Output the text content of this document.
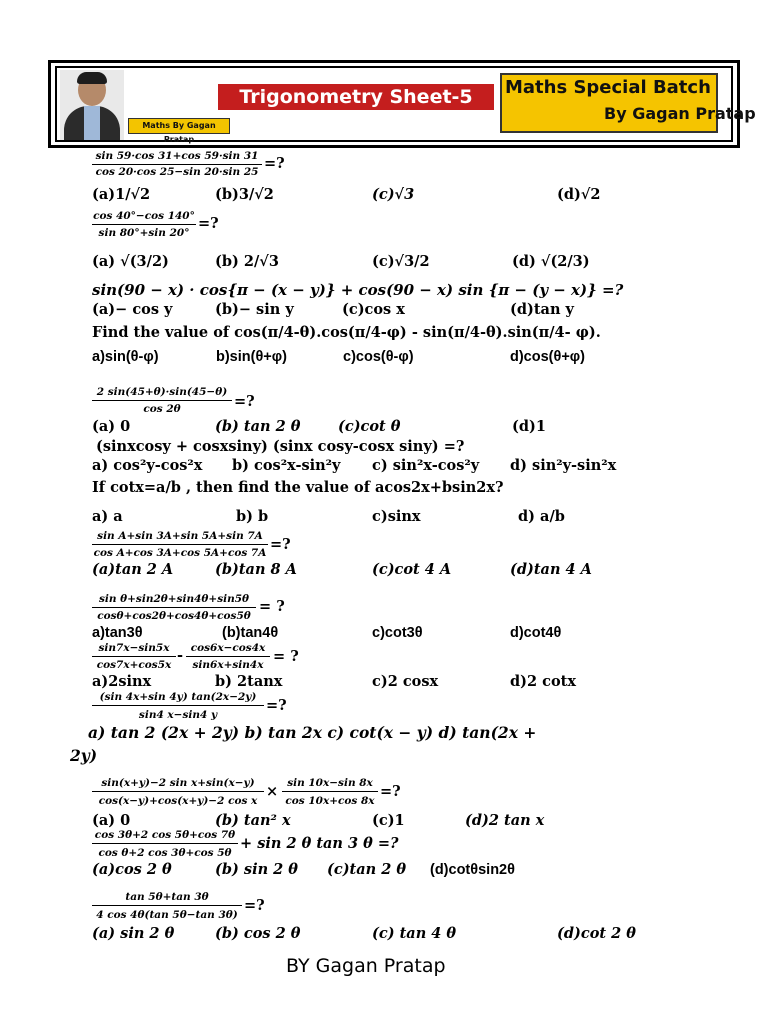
Maths By Gagan Pratap
Trigonometry Sheet-5	Maths Special Batch
By Gagan Pratap
sin 59·cos 31+cos 59·sin 31
cos 20·cos 25−sin 20·sin 25 =?
(a)1/√2	(b)3/√2	(c)√3	(d)√2
cos 40°−cos 140°
sin 80°+sin 20°
=?
(a) √(3/2)	(b) 2/√3	(c)√3/2	(d) √(2/3)
sin(90 − x) · cos{π − (x − y)} + cos(90 − x) sin {π − (y − x)} =?
(a)− cos y	(b)− sin y	(c)cos x	(d)tan y
Find the value of cos(π/4-θ).cos(π/4-φ) - sin(π/4-θ).sin(π/4- φ).
a)sin(θ-φ)	b)sin(θ+φ)	c)cos(θ-φ)	d)cos(θ+φ)
2 sin(45+θ)·sin(45−θ)
cos 2θ	=?
(a) 0	(b) tan 2 θ	(c)cot θ	(d)1
(sinxcosy + cosxsiny) (sinx cosy-cosx siny) =?
a) cos²y-cos²x b) cos²x-sin²y c) sin²x-cos²y d) sin²y-sin²x
If cotx=a/b , then find the value of acos2x+bsin2x?
a) a	b) b	c)sinx	d) a/b
sin A+sin 3A+sin 5A+sin 7A
cos A+cos 3A+cos 5A+cos 7A =?
(a)tan 2 A	(b)tan 8 A	(c)cot 4 A	(d)tan 4 A
sin θ+sin2θ+sin4θ+sin5θ
cosθ+cos2θ+cos4θ+cos5θ
= ?
a)tan3θ	(b)tan4θ	c)cot3θ	d)cot4θ
sin7x−sin5x
cos7x+cos5x
- cos6x−cos4x
sin6x+sin4x = ?
a)2sinx	b) 2tanx	c)2 cosx	d)2 cotx
(sin 4x+sin 4y) tan(2x−2y)
sin4 x−sin4 y
=?
a) tan 2 (2x + 2y) b) tan 2x c) cot(x − y) d) tan(2x +
2y)
sin(x+y)−2 sin x+sin(x−y)
cos(x−y)+cos(x+y)−2 cos x
× sin 10x−sin 8x
cos 10x+cos 8x
=?
(a) 0	(b) tan² x	(c)1	(d)2 tan x
cos 3θ+2 cos 5θ+cos 7θ
cos θ+2 cos 3θ+cos 5θ
+ sin 2 θ tan 3 θ =?
(a)cos 2 θ	(b) sin 2 θ (c)tan 2 θ (d)cotθsin2θ
tan 5θ+tan 3θ
4 cos 4θ(tan 5θ−tan 3θ)
=?
(a) sin 2 θ	(b) cos 2 θ	(c) tan 4 θ	(d)cot 2 θ
BY Gagan Pratap
